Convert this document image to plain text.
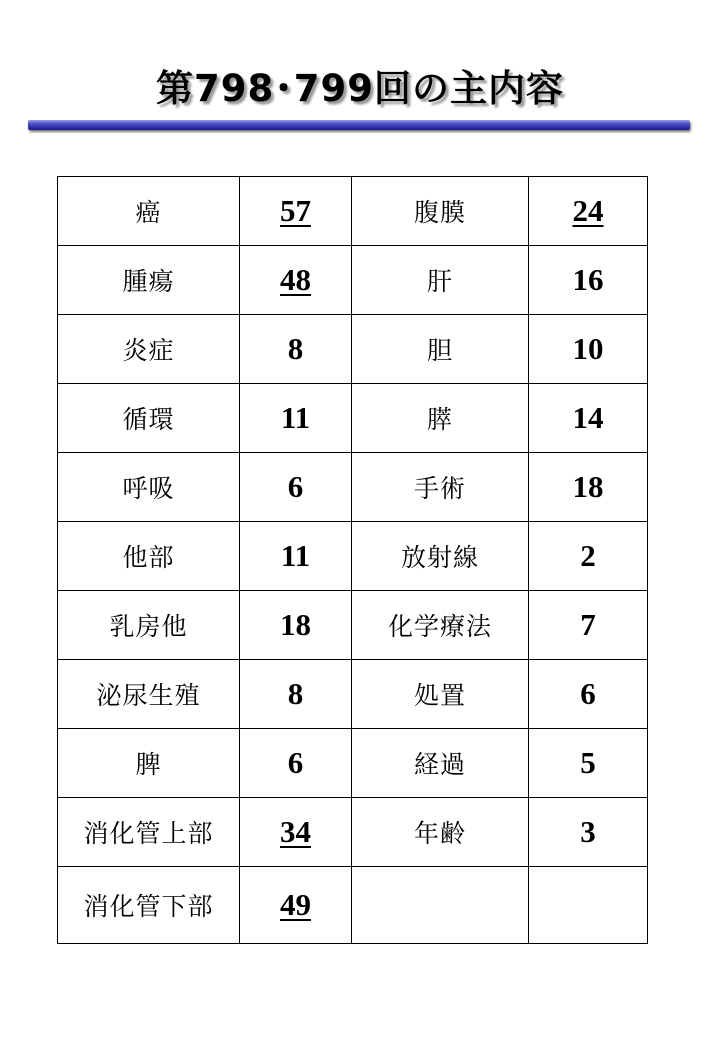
第798･799回の主内容
癌	57	腹膜	24
腫瘍	48	肝	16
炎症	8	胆	10
循環	11	膵	14
呼吸	6	手術	18
他部	11	放射線	2
乳房他	18	化学療法	7
泌尿生殖	8	処置	6
脾	6	経過	5
消化管上部	34	年齢	3
消化管下部	49		
